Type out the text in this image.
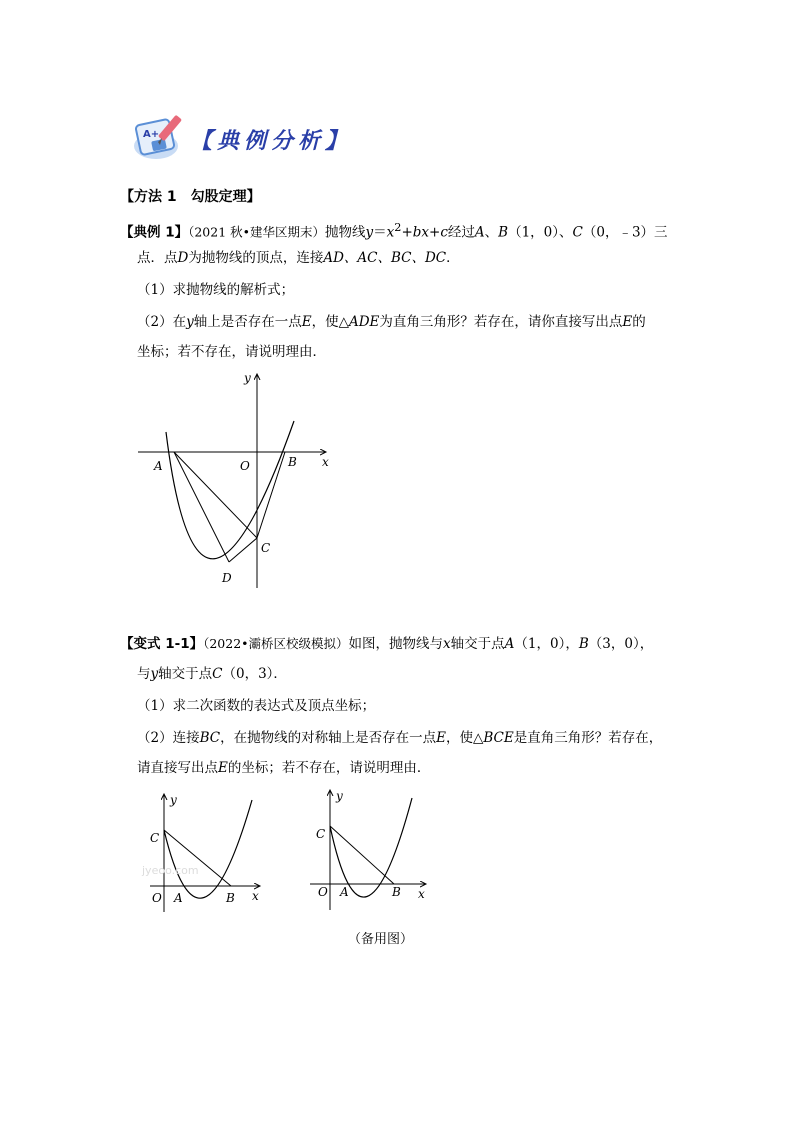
A+ 【典例分析】
【方法 1 勾股定理】
【典例 1】（2021 秋•建华区期末）抛物线$y=x^2+bx+c$经过A、B（1，0）、C（0，﹣3）三
点．点D为抛物线的顶点，连接AD、AC、BC、DC．
（1）求抛物线的解析式；
（2）在y轴上是否存在一点E，使△ADE为直角三角形？若存在，请你直接写出点E的
坐标；若不存在，请说明理由．
y
x
O
A	B
C
D
【变式 1-1】（2022•灞桥区校级模拟）如图，抛物线与x轴交于点A（1，0），B（3，0），
与y轴交于点C（0，3）．
（1）求二次函数的表达式及顶点坐标；
（2）连接BC，在抛物线的对称轴上是否存在一点E，使△BCE是直角三角形？若存在，
请直接写出点E的坐标；若不存在，请说明理由．
y
x
O A	B
C
jyeoo.com
y
x
O A	B
C
（备用图）
